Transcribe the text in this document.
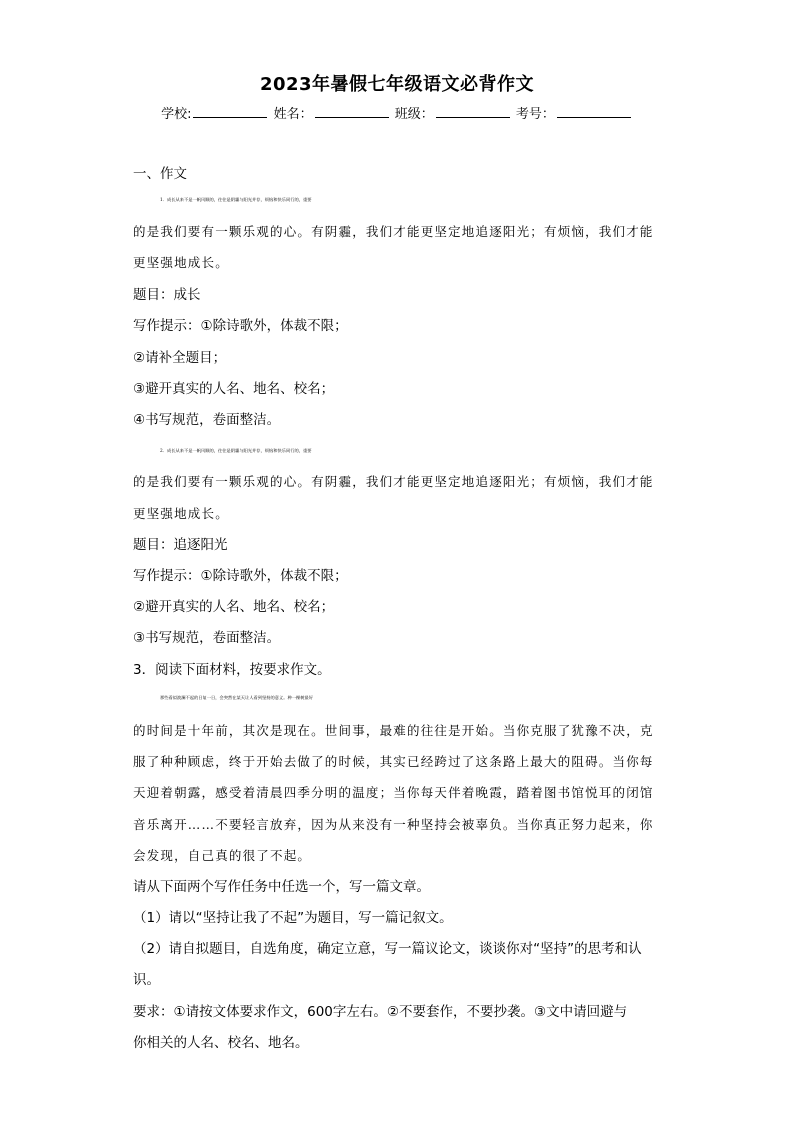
2023年暑假七年级语文必背作文
学校:	姓名：	班级：	考号：
一、作文
1．成长从来不是一帆风顺的，往往是阴霾与阳光并存，烦恼和快乐同行的，重要
的是我们要有一颗乐观的心。有阴霾，我们才能更坚定地追逐阳光；有烦恼，我们才能
更坚强地成长。
题目：成长
写作提示：①除诗歌外，体裁不限；
②请补全题目；
③避开真实的人名、地名、校名；
④书写规范，卷面整洁。
2．成长从来不是一帆风顺的，往往是阴霾与阳光并存，烦恼和快乐同行的，重要
的是我们要有一颗乐观的心。有阴霾，我们才能更坚定地追逐阳光；有烦恼，我们才能
更坚强地成长。
题目：追逐阳光
写作提示：①除诗歌外，体裁不限；
②避开真实的人名、地名、校名；
③书写规范，卷面整洁。
3．阅读下面材料，按要求作文。
那些看似波澜不起的日复一日，会突然在某天让人看到坚持的意义。种一棵树最好
的时间是十年前，其次是现在。世间事，最难的往往是开始。当你克服了犹豫不决，克
服了种种顾虑，终于开始去做了的时候，其实已经跨过了这条路上最大的阻碍。当你每
天迎着朝露，感受着清晨四季分明的温度；当你每天伴着晚霞，踏着图书馆悦耳的闭馆
音乐离开……不要轻言放弃，因为从来没有一种坚持会被辜负。当你真正努力起来，你
会发现，自己真的很了不起。
请从下面两个写作任务中任选一个，写一篇文章。
（1）请以“坚持让我了不起”为题目，写一篇记叙文。
（2）请自拟题目，自选角度，确定立意，写一篇议论文，谈谈你对“坚持”的思考和认
识。
要求：①请按文体要求作文，600字左右。②不要套作，不要抄袭。③文中请回避与
你相关的人名、校名、地名。
